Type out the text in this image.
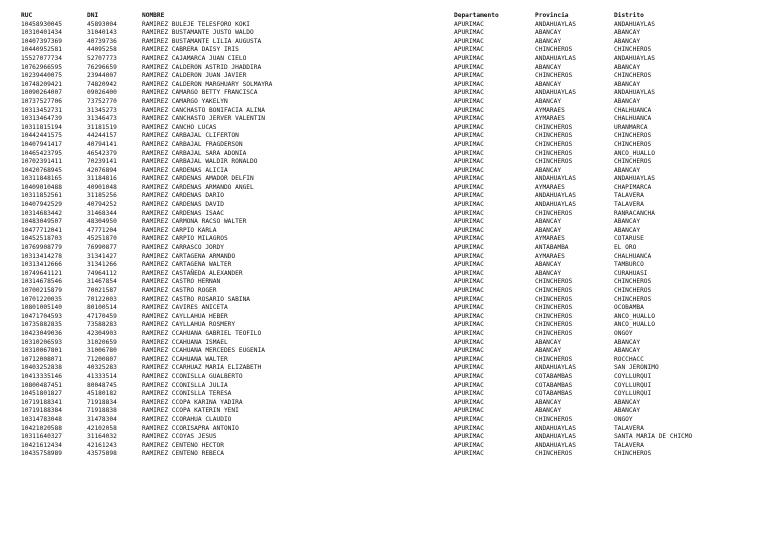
RUC	DNI	NOMBRE	Departamento	Provincia	Distrito
10458930045	45893004	RAMIREZ BULEJE TELESFORO KOKI	APURIMAC	ANDAHUAYLAS	ANDAHUAYLAS
10310401434	31040143	RAMIREZ BUSTAMANTE JUSTO WALDO	APURIMAC	ABANCAY	ABANCAY
10407397369	40739736	RAMIREZ BUSTAMANTE LILIA AUGUSTA	APURIMAC	ABANCAY	ABANCAY
10440952581	44095258	RAMIREZ CABRERA DAISY IRIS	APURIMAC	CHINCHEROS	CHINCHEROS
15527077734	52707773	RAMIREZ CAJAMARCA JUAN CIELO	APURIMAC	ANDAHUAYLAS	ANDAHUAYLAS
10762966595	76296659	RAMIREZ CALDERON ASTRID JHADDIRA	APURIMAC	ABANCAY	ABANCAY
10239440075	23944007	RAMIREZ CALDERON JUAN JAVIER	APURIMAC	CHINCHEROS	CHINCHEROS
10748209421	74820942	RAMIREZ CALDERON MARGHUARY SOLMAYRA	APURIMAC	ABANCAY	ABANCAY
10090264007	09026400	RAMIREZ CAMARGO BETTY FRANCISCA	APURIMAC	ANDAHUAYLAS	ANDAHUAYLAS
10737527706	73752770	RAMIREZ CAMARGO YAKELYN	APURIMAC	ABANCAY	ABANCAY
10313452731	31345273	RAMIREZ CANCHASTO BONIFACIA ALINA	APURIMAC	AYMARAES	CHALHUANCA
10313464739	31346473	RAMIREZ CANCHASTO JERVER VALENTIN	APURIMAC	AYMARAES	CHALHUANCA
10311815194	31181519	RAMIREZ CANCHO LUCAS	APURIMAC	CHINCHEROS	URANMARCA
10442441575	44244157	RAMIREZ CARBAJAL CLIFERTON	APURIMAC	CHINCHEROS	CHINCHEROS
10407941417	40794141	RAMIREZ CARBAJAL FRAGDERSON	APURIMAC	CHINCHEROS	CHINCHEROS
10465423795	46542379	RAMIREZ CARBAJAL SARA ADONIA	APURIMAC	CHINCHEROS	ANCO_HUALLO
10702391411	70239141	RAMIREZ CARBAJAL WALDIR RONALDO	APURIMAC	CHINCHEROS	CHINCHEROS
10420768945	42076894	RAMIREZ CARDENAS ALICIA	APURIMAC	ABANCAY	ABANCAY
10311848165	31184816	RAMIREZ CARDENAS AMADOR DELFIN	APURIMAC	ANDAHUAYLAS	ANDAHUAYLAS
10409010488	40901048	RAMIREZ CARDENAS ARMANDO ANGEL	APURIMAC	AYMARAES	CHAPIMARCA
10311852561	31185256	RAMIREZ CARDENAS DARIO	APURIMAC	ANDAHUAYLAS	TALAVERA
10407942529	40794252	RAMIREZ CARDENAS DAVID	APURIMAC	ANDAHUAYLAS	TALAVERA
10314683442	31468344	RAMIREZ CARDENAS ISAAC	APURIMAC	CHINCHEROS	RANRACANCHA
10483049507	48304950	RAMIREZ CARMONA RACSO WALTER	APURIMAC	ABANCAY	ABANCAY
10477712041	47771204	RAMIREZ CARPIO KARLA	APURIMAC	ABANCAY	ABANCAY
10452518703	45251870	RAMIREZ CARPIO MILAGROS	APURIMAC	AYMARAES	COTARUSE
10769908779	76990877	RAMIREZ CARRASCO JORDY	APURIMAC	ANTABAMBA	EL ORO
10313414278	31341427	RAMIREZ CARTAGENA ARMANDO	APURIMAC	AYMARAES	CHALHUANCA
10313412666	31341266	RAMIREZ CARTAGENA WALTER	APURIMAC	ABANCAY	TAMBURCO
10749641121	74964112	RAMIREZ CASTAÑEDA ALEXANDER	APURIMAC	ABANCAY	CURAHUASI
10314678546	31467854	RAMIREZ CASTRO HERNAN	APURIMAC	CHINCHEROS	CHINCHEROS
10700215879	70021587	RAMIREZ CASTRO ROGER	APURIMAC	CHINCHEROS	CHINCHEROS
10701220035	70122003	RAMIREZ CASTRO ROSARIO SABINA	APURIMAC	CHINCHEROS	CHINCHEROS
10801005140	80100514	RAMIREZ CAVIRES ANICETA	APURIMAC	CHINCHEROS	OCOBAMBA
10471704593	47170459	RAMIREZ CAYLLAHUA HEBER	APURIMAC	CHINCHEROS	ANCO_HUALLO
10735882835	73588283	RAMIREZ CAYLLAHUA ROSMERY	APURIMAC	CHINCHEROS	ANCO_HUALLO
10423049036	42304903	RAMIREZ CCAHUANA GABRIEL TEOFILO	APURIMAC	CHINCHEROS	ONGOY
10310206593	31020659	RAMIREZ CCAHUANA ISMAEL	APURIMAC	ABANCAY	ABANCAY
10310067801	31006780	RAMIREZ CCAHUANA MERCEDES EUGENIA	APURIMAC	ABANCAY	ABANCAY
10712008071	71200807	RAMIREZ CCAHUANA WALTER	APURIMAC	CHINCHEROS	ROCCHACC
10403252838	40325283	RAMIREZ CCARHUAZ MARIA ELIZABETH	APURIMAC	ANDAHUAYLAS	SAN JERONIMO
10413335146	41333514	RAMIREZ CCONISLLA GUALBERTO	APURIMAC	COTABAMBAS	COYLLURQUI
10800487451	80048745	RAMIREZ CCONISLLA JULIA	APURIMAC	COTABAMBAS	COYLLURQUI
10451801827	45180182	RAMIREZ CCONISLLA TERESA	APURIMAC	COTABAMBAS	COYLLURQUI
10719188341	71918834	RAMIREZ CCOPA KARINA YADIRA	APURIMAC	ABANCAY	ABANCAY
10719188384	71918838	RAMIREZ CCOPA KATERIN YENI	APURIMAC	ABANCAY	ABANCAY
10314783048	31478304	RAMIREZ CCORAHUA CLAUDIO	APURIMAC	CHINCHEROS	ONGOY
10421020588	42102058	RAMIREZ CCORISAPRA ANTONIO	APURIMAC	ANDAHUAYLAS	TALAVERA
10311640327	31164032	RAMIREZ CCOYAS JESUS	APURIMAC	ANDAHUAYLAS	SANTA MARIA DE CHICMO
10421612434	42161243	RAMIREZ CENTENO HECTOR	APURIMAC	ANDAHUAYLAS	TALAVERA
10435758989	43575898	RAMIREZ CENTENO REBECA	APURIMAC	CHINCHEROS	CHINCHEROS
